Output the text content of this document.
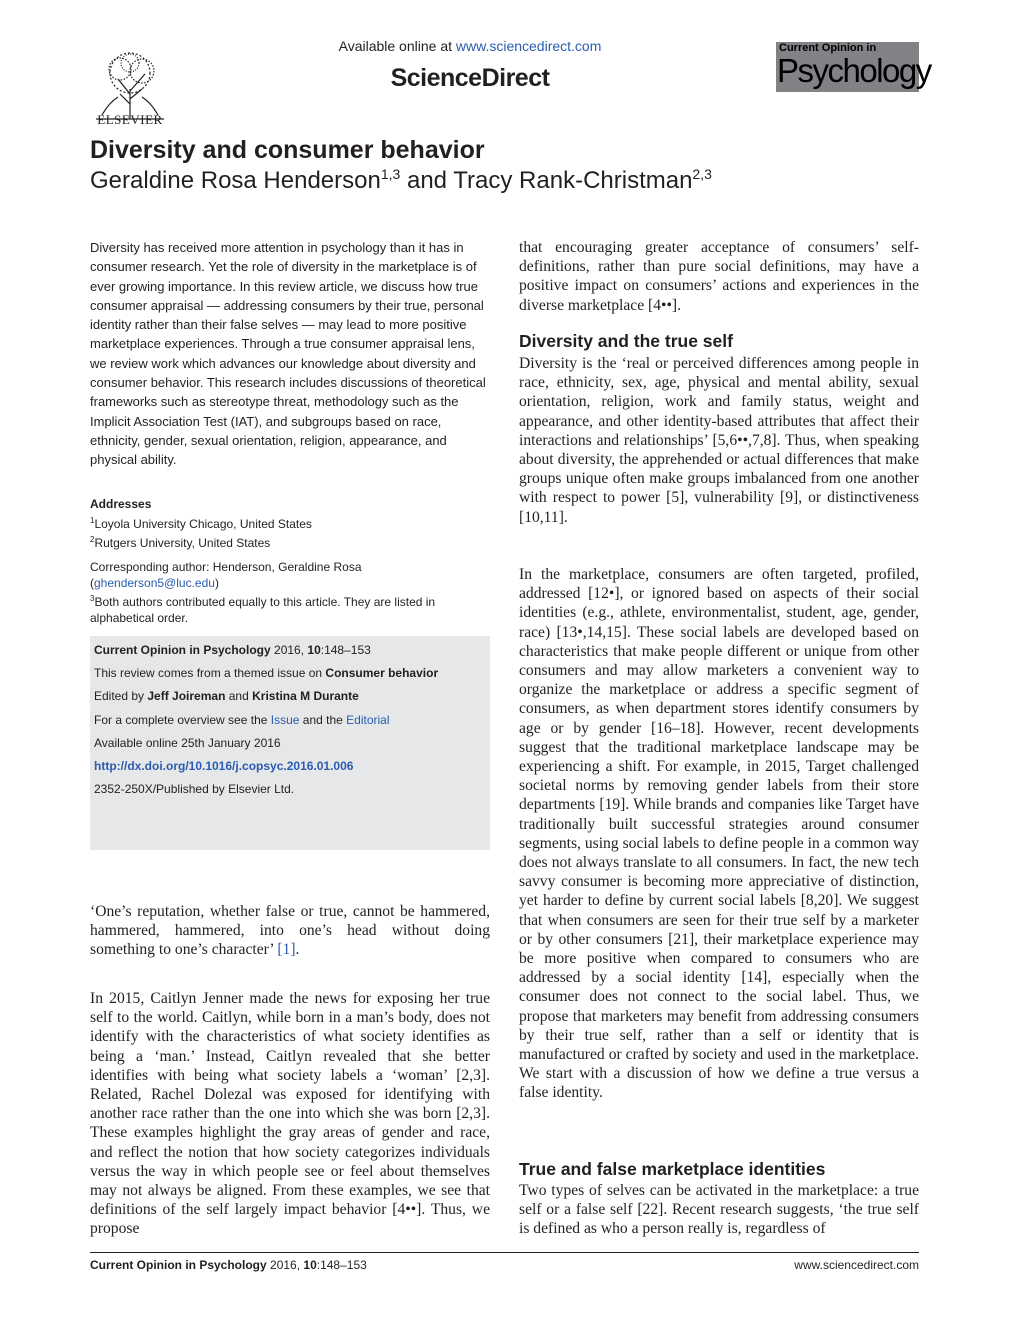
ELSEVIER
Available online at www.sciencedirect.com
ScienceDirect
Current Opinion in
Psychology
Diversity and consumer behavior
Geraldine Rosa Henderson$^{1,3}$ and Tracy Rank-Christman$^{2,3}$
Diversity has received more attention in psychology than it has in consumer research. Yet the role of diversity in the marketplace is of ever growing importance. In this review article, we discuss how true consumer appraisal — addressing consumers by their true, personal identity rather than their false selves — may lead to more positive marketplace experiences. Through a true consumer appraisal lens, we review work which advances our knowledge about diversity and consumer behavior. This research includes discussions of theoretical frameworks such as stereotype threat, methodology such as the Implicit Association Test (IAT), and subgroups based on race, ethnicity, gender, sexual orientation, religion, appearance, and physical ability.
Addresses
$^1$Loyola University Chicago, United States
$^2$Rutgers University, United States
Corresponding author: Henderson, Geraldine Rosa
(ghenderson5@luc.edu)
$^3$Both authors contributed equally to this article. They are listed in alphabetical order.
Current Opinion in Psychology 2016, 10:148–153
This review comes from a themed issue on Consumer behavior
Edited by Jeff Joireman and Kristina M Durante
For a complete overview see the Issue and the Editorial
Available online 25th January 2016
http://dx.doi.org/10.1016/j.copsyc.2016.01.006
2352-250X/Published by Elsevier Ltd.
‘One’s reputation, whether false or true, cannot be hammered, hammered, hammered, into one’s head without doing something to one’s character’ [1].
In 2015, Caitlyn Jenner made the news for exposing her true self to the world. Caitlyn, while born in a man’s body, does not identify with the characteristics of what society identifies as being a ‘man.’ Instead, Caitlyn revealed that she better identifies with being what society labels a ‘woman’ [2,3]. Related, Rachel Dolezal was exposed for identifying with another race rather than the one into which she was born [2,3]. These examples highlight the gray areas of gender and race, and reflect the notion that how society categorizes individuals versus the way in which people see or feel about themselves may not always be aligned. From these examples, we see that definitions of the self largely impact behavior [4••]. Thus, we propose
that encouraging greater acceptance of consumers’ self-definitions, rather than pure social definitions, may have a positive impact on consumers’ actions and experiences in the diverse marketplace [4••].
Diversity and the true self
Diversity is the ‘real or perceived differences among people in race, ethnicity, sex, age, physical and mental ability, sexual orientation, religion, work and family status, weight and appearance, and other identity-based attributes that affect their interactions and relationships’ [5,6••,7,8]. Thus, when speaking about diversity, the apprehended or actual differences that make groups unique often make groups imbalanced from one another with respect to power [5], vulnerability [9], or distinctiveness [10,11].
In the marketplace, consumers are often targeted, profiled, addressed [12•], or ignored based on aspects of their social identities (e.g., athlete, environmentalist, student, age, gender, race) [13•,14,15]. These social labels are developed based on characteristics that make people different or unique from other consumers and may allow marketers a convenient way to organize the marketplace or address a specific segment of consumers, as when department stores identify consumers by age or by gender [16–18]. However, recent developments suggest that the traditional marketplace landscape may be experiencing a shift. For example, in 2015, Target challenged societal norms by removing gender labels from their store departments [19]. While brands and companies like Target have traditionally built successful strategies around consumer segments, using social labels to define people in a common way does not always translate to all consumers. In fact, the new tech savvy consumer is becoming more appreciative of distinction, yet harder to define by current social labels [8,20]. We suggest that when consumers are seen for their true self by a marketer or by other consumers [21], their marketplace experience may be more positive when compared to consumers who are addressed by a social identity [14], especially when the consumer does not connect to the social label. Thus, we propose that marketers may benefit from addressing consumers by their true self, rather than a self or identity that is manufactured or crafted by society and used in the marketplace. We start with a discussion of how we define a true versus a false identity.
True and false marketplace identities
Two types of selves can be activated in the marketplace: a true self or a false self [22]. Recent research suggests, ‘the true self is defined as who a person really is, regardless of
Current Opinion in Psychology 2016, 10:148–153	www.sciencedirect.com
